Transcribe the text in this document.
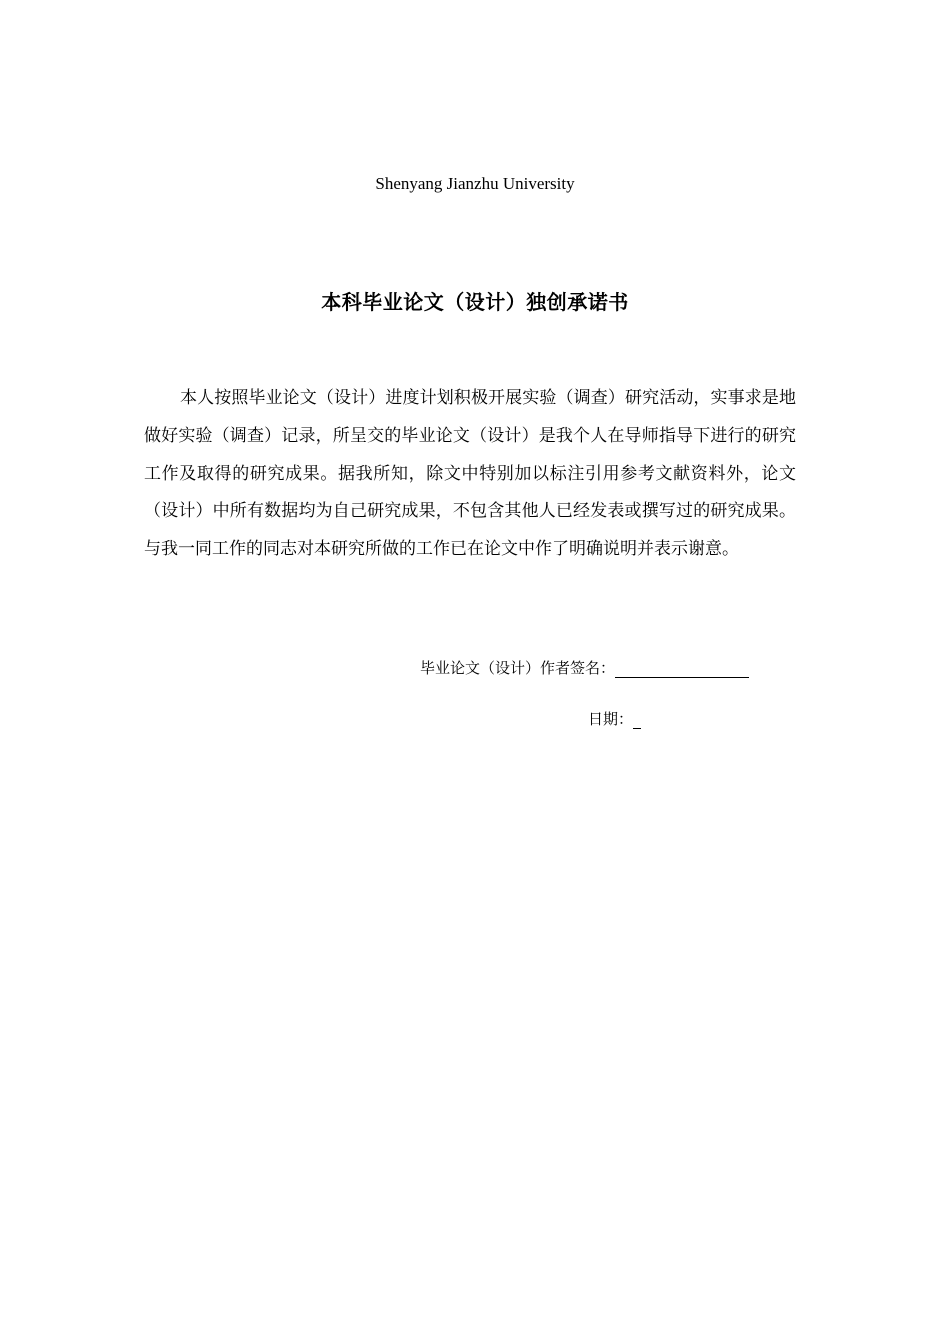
Shenyang Jianzhu University
本科毕业论文（设计）独创承诺书

本人按照毕业论文（设计）进度计划积极开展实验（调查）研究活动，实事求是地做好实验（调查）记录，所呈交的毕业论文（设计）是我个人在导师指导下进行的研究工作及取得的研究成果。据我所知，除文中特别加以标注引用参考文献资料外，论文（设计）中所有数据均为自己研究成果，不包含其他人已经发表或撰写过的研究成果。与我一同工作的同志对本研究所做的工作已在论文中作了明确说明并表示谢意。

毕业论文（设计）作者签名：
日期：
